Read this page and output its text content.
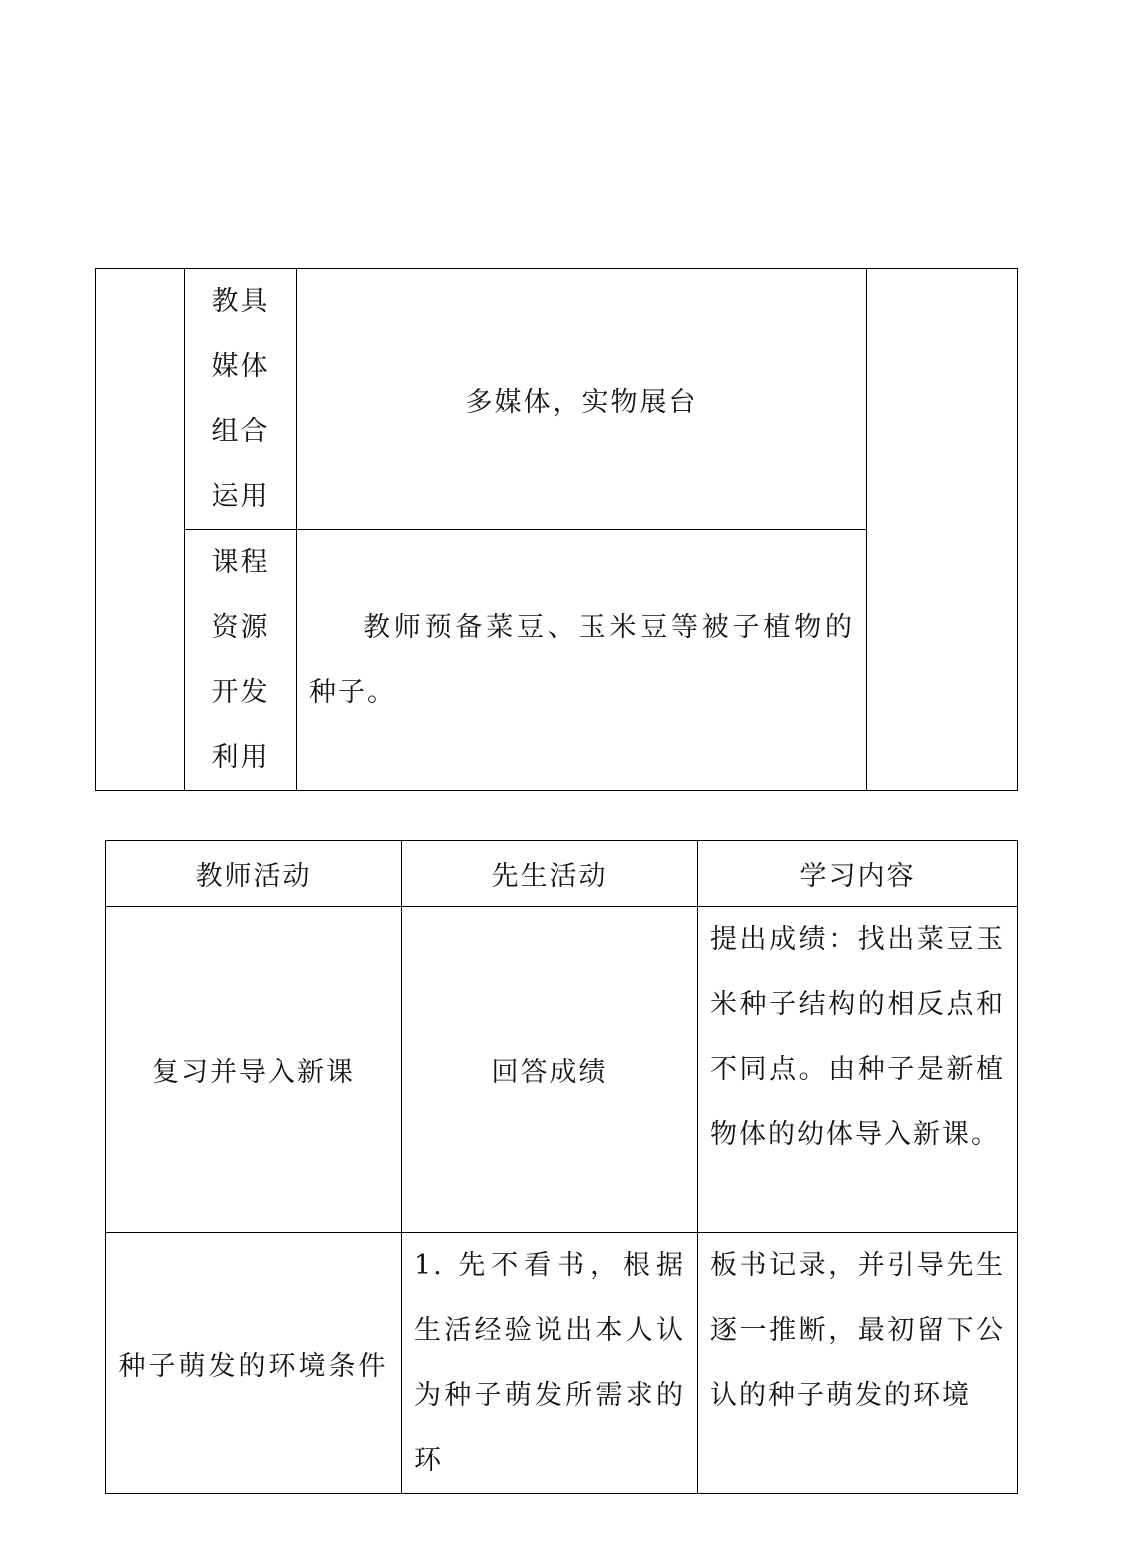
	教具
媒体
组合
运用	多媒体，实物展台	

	课程
资源
开发
利用	教师预备菜豆、玉米豆等被子植物的种子。	
教师活动	先生活动	学习内容
复习并导入新课	回答成绩	提出成绩：找出菜豆玉米种子结构的相反点和不同点。由种子是新植物体的幼体导入新课。
种子萌发的环境条件	1. 先不看书，根据生活经验说出本人认为种子萌发所需求的环	板书记录，并引导先生逐一推断，最初留下公认的种子萌发的环境
